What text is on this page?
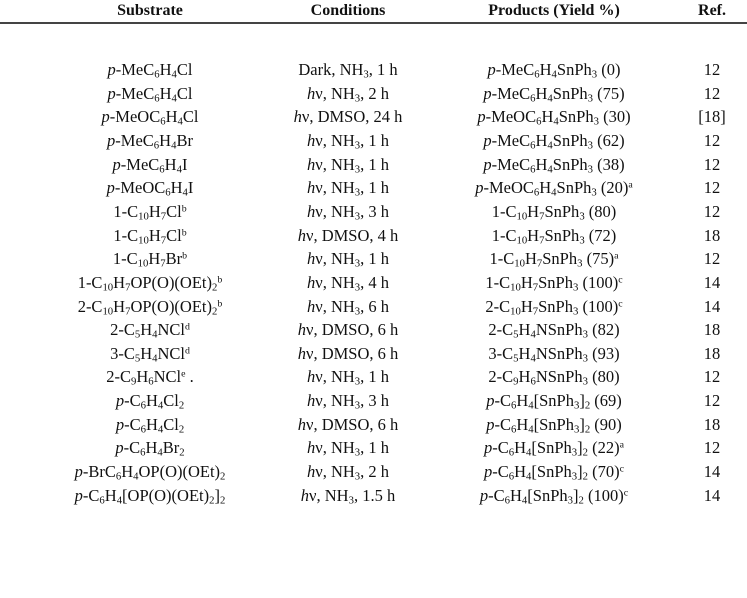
Substrate	Conditions	Products (Yield %)	Ref.
$p-MeC_6H_4Cl$	Dark, $NH_3$, 1 h	$p-MeC_6H_4SnPh_3$ (0)	12
$p-MeC_6H_4Cl$	hν, $NH_3$, 2 h	$p-MeC_6H_4SnPh_3$ (75)	12
$p-MeOC_6H_4Cl$	hν, DMSO, 24 h	$p-MeOC_6H_4SnPh_3$ (30)	[18]
$p-MeC_6H_4Br$	hν, $NH_3$, 1 h	$p-MeC_6H_4SnPh_3$ (62)	12
$p-MeC_6H_4I$	hν, $NH_3$, 1 h	$p-MeC_6H_4SnPh_3$ (38)	12
$p-MeOC_6H_4I$	hν, $NH_3$, 1 h	$p-MeOC_6H_4SnPh_3$ $(20)^a$	12
$1-C_{10}H_7Cl^b$	hν, $NH_3$, 3 h	$1-C_{10}H_7SnPh_3$ (80)	12
$1-C_{10}H_7Cl^b$	hν, DMSO, 4 h	$1-C_{10}H_7SnPh_3$ (72)	18
$1-C_{10}H_7Br^b$	hν, $NH_3$, 1 h	$1-C_{10}H_7SnPh_3$ $(75)^a$	12
$1-C_{10}H_7OP(O)(OEt)_2^b$	hν, $NH_3$, 4 h	$1-C_{10}H_7SnPh_3$ $(100)^c$	14
$2-C_{10}H_7OP(O)(OEt)_2^b$	hν, $NH_3$, 6 h	$2-C_{10}H_7SnPh_3$ $(100)^c$	14
$2-C_5H_4NCl^d$	hν, DMSO, 6 h	$2-C_5H_4NSnPh_3$ (82)	18
$3-C_5H_4NCl^d$	hν, DMSO, 6 h	$3-C_5H_4NSnPh_3$ (93)	18
$2-C_9H_6NCl^e$ .	hν, $NH_3$, 1 h	$2-C_9H_6NSnPh_3$ (80)	12
$p-C_6H_4Cl_2$	hν, $NH_3$, 3 h	$p-C_6H_4[SnPh_3]_2$ (69)	12
$p-C_6H_4Cl_2$	hν, DMSO, 6 h	$p-C_6H_4[SnPh_3]_2$ (90)	18
$p-C_6H_4Br_2$	hν, $NH_3$, 1 h	$p-C_6H_4[SnPh_3]_2$ $(22)^a$	12
$p-BrC_6H_4OP(O)(OEt)_2$	hν, $NH_3$, 2 h	$p-C_6H_4[SnPh_3]_2$ $(70)^c$	14
$p-C_6H_4[OP(O)(OEt)_2]_2$	hν, $NH_3$, 1.5 h	$p-C_6H_4[SnPh_3]_2$ $(100)^c$	14
